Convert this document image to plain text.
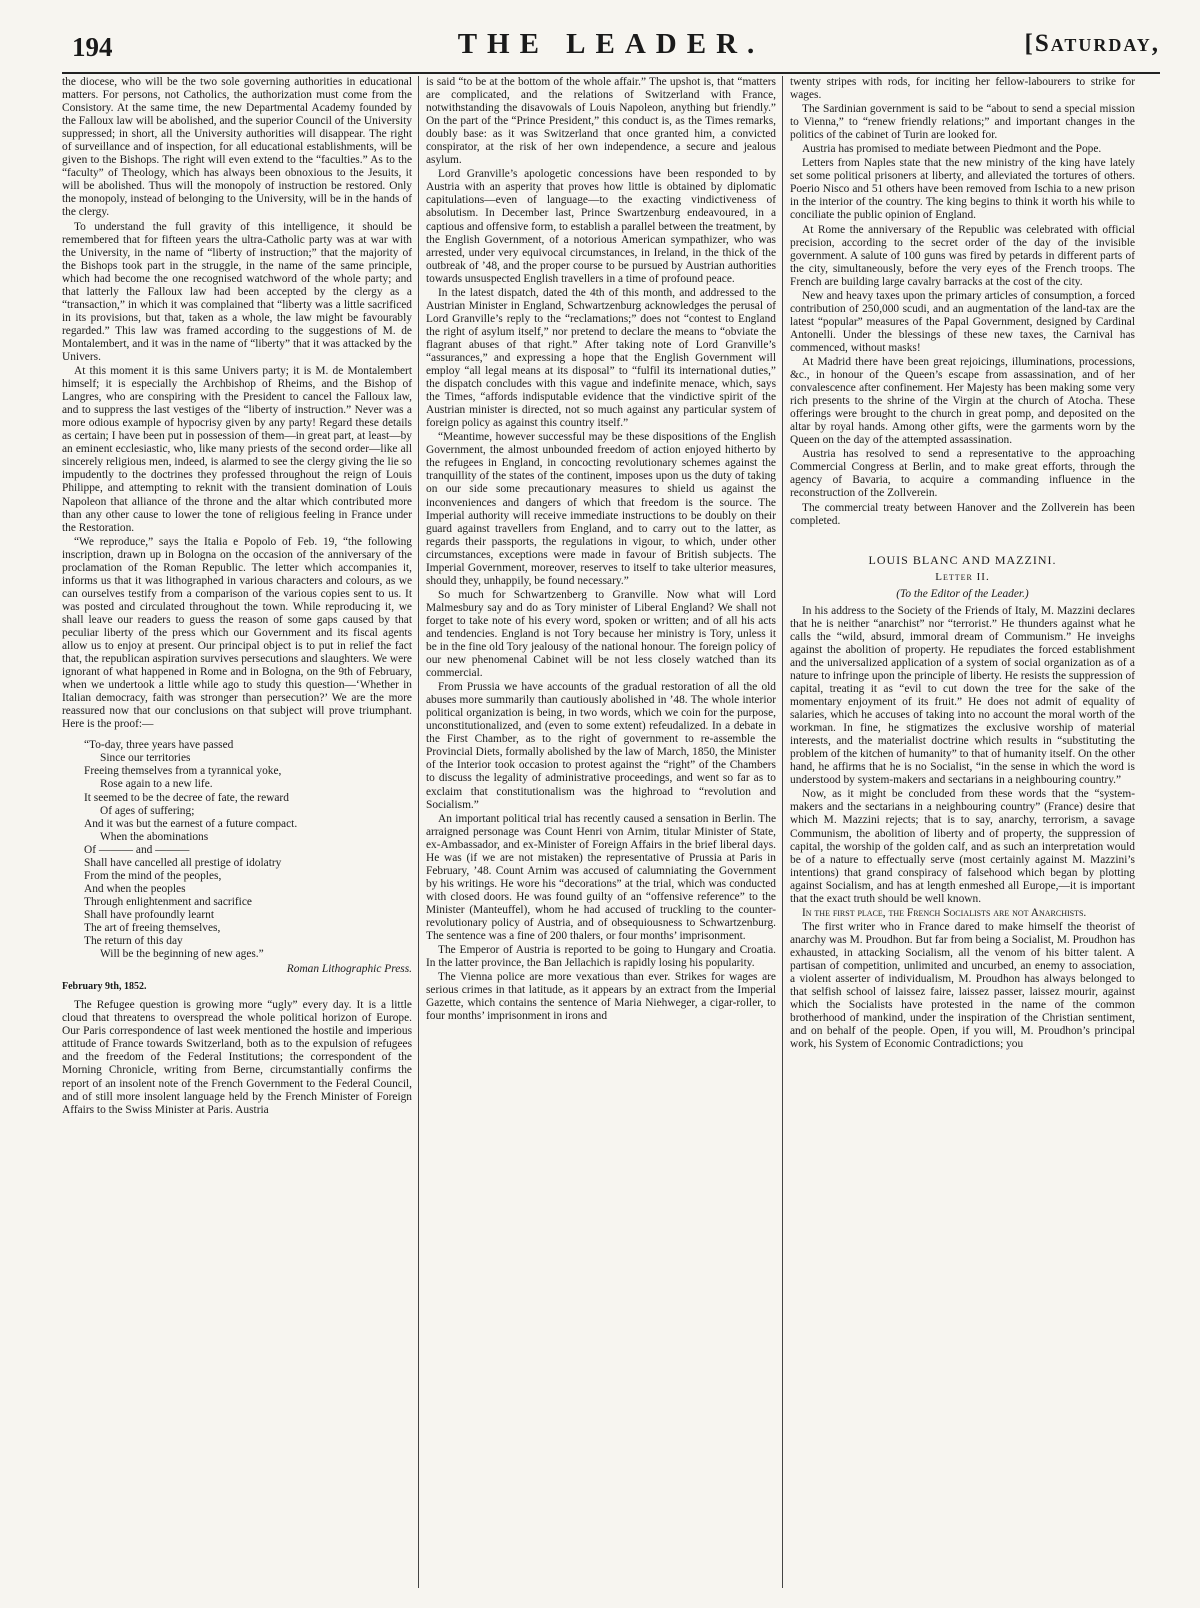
194	THE LEADER.	[Saturday,

the diocese, who will be the two sole governing authorities in educational matters. For persons, not Catholics, the authorization must come from the Consistory. At the same time, the new Departmental Academy founded by the Falloux law will be abolished, and the superior Council of the University suppressed; in short, all the University authorities will disappear. The right of surveillance and of inspection, for all educational establishments, will be given to the Bishops. The right will even extend to the “faculties.” As to the “faculty” of Theology, which has always been obnoxious to the Jesuits, it will be abolished. Thus will the monopoly of instruction be restored. Only the monopoly, instead of belonging to the University, will be in the hands of the clergy.

To understand the full gravity of this intelligence, it should be remembered that for fifteen years the ultra-Catholic party was at war with the University, in the name of “liberty of instruction;” that the majority of the Bishops took part in the struggle, in the name of the same principle, which had become the one recognised watchword of the whole party; and that latterly the Falloux law had been accepted by the clergy as a “transaction,” in which it was complained that “liberty was a little sacrificed in its provisions, but that, taken as a whole, the law might be favourably regarded.” This law was framed according to the suggestions of M. de Montalembert, and it was in the name of “liberty” that it was attacked by the Univers.

At this moment it is this same Univers party; it is M. de Montalembert himself; it is especially the Archbishop of Rheims, and the Bishop of Langres, who are conspiring with the President to cancel the Falloux law, and to suppress the last vestiges of the “liberty of instruction.” Never was a more odious example of hypocrisy given by any party! Regard these details as certain; I have been put in possession of them—in great part, at least—by an eminent ecclesiastic, who, like many priests of the second order—like all sincerely religious men, indeed, is alarmed to see the clergy giving the lie so impudently to the doctrines they professed throughout the reign of Louis Philippe, and attempting to reknit with the transient domination of Louis Napoleon that alliance of the throne and the altar which contributed more than any other cause to lower the tone of religious feeling in France under the Restoration.

“We reproduce,” says the Italia e Popolo of Feb. 19, “the following inscription, drawn up in Bologna on the occasion of the anniversary of the proclamation of the Roman Republic. The letter which accompanies it, informs us that it was lithographed in various characters and colours, as we can ourselves testify from a comparison of the various copies sent to us. It was posted and circulated throughout the town. While reproducing it, we shall leave our readers to guess the reason of some gaps caused by that peculiar liberty of the press which our Government and its fiscal agents allow us to enjoy at present. Our principal object is to put in relief the fact that, the republican aspiration survives persecutions and slaughters. We were ignorant of what happened in Rome and in Bologna, on the 9th of February, when we undertook a little while ago to study this question—‘Whether in Italian democracy, faith was stronger than persecution?’ We are the more reassured now that our conclusions on that subject will prove triumphant. Here is the proof:—

“To-day, three years have passed
Since our territories
Freeing themselves from a tyrannical yoke,
Rose again to a new life.
It seemed to be the decree of fate, the reward
Of ages of suffering;
And it was but the earnest of a future compact.
When the abominations
Of ——— and ———
Shall have cancelled all prestige of idolatry
From the mind of the peoples,
And when the peoples
Through enlightenment and sacrifice
Shall have profoundly learnt
The art of freeing themselves,
The return of this day
Will be the beginning of new ages.”
Roman Lithographic Press.
February 9th, 1852.

The Refugee question is growing more “ugly” every day. It is a little cloud that threatens to overspread the whole political horizon of Europe. Our Paris correspondence of last week mentioned the hostile and imperious attitude of France towards Switzerland, both as to the expulsion of refugees and the freedom of the Federal Institutions; the correspondent of the Morning Chronicle, writing from Berne, circumstantially confirms the report of an insolent note of the French Government to the Federal Council, and of still more insolent language held by the French Minister of Foreign Affairs to the Swiss Minister at Paris. Austria

is said “to be at the bottom of the whole affair.” The upshot is, that “matters are complicated, and the relations of Switzerland with France, notwithstanding the disavowals of Louis Napoleon, anything but friendly.” On the part of the “Prince President,” this conduct is, as the Times remarks, doubly base: as it was Switzerland that once granted him, a convicted conspirator, at the risk of her own independence, a secure and jealous asylum.

Lord Granville’s apologetic concessions have been responded to by Austria with an asperity that proves how little is obtained by diplomatic capitulations—even of language—to the exacting vindictiveness of absolutism. In December last, Prince Swartzenburg endeavoured, in a captious and offensive form, to establish a parallel between the treatment, by the English Government, of a notorious American sympathizer, who was arrested, under very equivocal circumstances, in Ireland, in the thick of the outbreak of ’48, and the proper course to be pursued by Austrian authorities towards unsuspected English travellers in a time of profound peace.

In the latest dispatch, dated the 4th of this month, and addressed to the Austrian Minister in England, Schwartzenburg acknowledges the perusal of Lord Granville’s reply to the “reclamations;” does not “contest to England the right of asylum itself,” nor pretend to declare the means to “obviate the flagrant abuses of that right.” After taking note of Lord Granville’s “assurances,” and expressing a hope that the English Government will employ “all legal means at its disposal” to “fulfil its international duties,” the dispatch concludes with this vague and indefinite menace, which, says the Times, “affords indisputable evidence that the vindictive spirit of the Austrian minister is directed, not so much against any particular system of foreign policy as against this country itself.”

“Meantime, however successful may be these dispositions of the English Government, the almost unbounded freedom of action enjoyed hitherto by the refugees in England, in concocting revolutionary schemes against the tranquillity of the states of the continent, imposes upon us the duty of taking on our side some precautionary measures to shield us against the inconveniences and dangers of which that freedom is the source. The Imperial authority will receive immediate instructions to be doubly on their guard against travellers from England, and to carry out to the latter, as regards their passports, the regulations in vigour, to which, under other circumstances, exceptions were made in favour of British subjects. The Imperial Government, moreover, reserves to itself to take ulterior measures, should they, unhappily, be found necessary.”

So much for Schwartzenberg to Granville. Now what will Lord Malmesbury say and do as Tory minister of Liberal England? We shall not forget to take note of his every word, spoken or written; and of all his acts and tendencies. England is not Tory because her ministry is Tory, unless it be in the fine old Tory jealousy of the national honour. The foreign policy of our new phenomenal Cabinet will be not less closely watched than its commercial.

From Prussia we have accounts of the gradual restoration of all the old abuses more summarily than cautiously abolished in ’48. The whole interior political organization is being, in two words, which we coin for the purpose, unconstitutionalized, and (even to some extent) refeudalized. In a debate in the First Chamber, as to the right of government to re-assemble the Provincial Diets, formally abolished by the law of March, 1850, the Minister of the Interior took occasion to protest against the “right” of the Chambers to discuss the legality of administrative proceedings, and went so far as to exclaim that constitutionalism was the highroad to “revolution and Socialism.”

An important political trial has recently caused a sensation in Berlin. The arraigned personage was Count Henri von Arnim, titular Minister of State, ex-Ambassador, and ex-Minister of Foreign Affairs in the brief liberal days. He was (if we are not mistaken) the representative of Prussia at Paris in February, ’48. Count Arnim was accused of calumniating the Government by his writings. He wore his “decorations” at the trial, which was conducted with closed doors. He was found guilty of an “offensive reference” to the Minister (Manteuffel), whom he had accused of truckling to the counter-revolutionary policy of Austria, and of obsequiousness to Schwartzenburg. The sentence was a fine of 200 thalers, or four months’ imprisonment.

The Emperor of Austria is reported to be going to Hungary and Croatia. In the latter province, the Ban Jellachich is rapidly losing his popularity.

The Vienna police are more vexatious than ever. Strikes for wages are serious crimes in that latitude, as it appears by an extract from the Imperial Gazette, which contains the sentence of Maria Niehweger, a cigar-roller, to four months’ imprisonment in irons and

twenty stripes with rods, for inciting her fellow-labourers to strike for wages.

The Sardinian government is said to be “about to send a special mission to Vienna,” to “renew friendly relations;” and important changes in the politics of the cabinet of Turin are looked for.

Austria has promised to mediate between Piedmont and the Pope.

Letters from Naples state that the new ministry of the king have lately set some political prisoners at liberty, and alleviated the tortures of others. Poerio Nisco and 51 others have been removed from Ischia to a new prison in the interior of the country. The king begins to think it worth his while to conciliate the public opinion of England.

At Rome the anniversary of the Republic was celebrated with official precision, according to the secret order of the day of the invisible government. A salute of 100 guns was fired by petards in different parts of the city, simultaneously, before the very eyes of the French troops. The French are building large cavalry barracks at the cost of the city.

New and heavy taxes upon the primary articles of consumption, a forced contribution of 250,000 scudi, and an augmentation of the land-tax are the latest “popular” measures of the Papal Government, designed by Cardinal Antonelli. Under the blessings of these new taxes, the Carnival has commenced, without masks!

At Madrid there have been great rejoicings, illuminations, processions, &c., in honour of the Queen’s escape from assassination, and of her convalescence after confinement. Her Majesty has been making some very rich presents to the shrine of the Virgin at the church of Atocha. These offerings were brought to the church in great pomp, and deposited on the altar by royal hands. Among other gifts, were the garments worn by the Queen on the day of the attempted assassination.

Austria has resolved to send a representative to the approaching Commercial Congress at Berlin, and to make great efforts, through the agency of Bavaria, to acquire a commanding influence in the reconstruction of the Zollverein.

The commercial treaty between Hanover and the Zollverein has been completed.

LOUIS BLANC AND MAZZINI.
Letter II.
(To the Editor of the Leader.)

In his address to the Society of the Friends of Italy, M. Mazzini declares that he is neither “anarchist” nor “terrorist.” He thunders against what he calls the “wild, absurd, immoral dream of Communism.” He inveighs against the abolition of property. He repudiates the forced establishment and the universalized application of a system of social organization as of a nature to infringe upon the principle of liberty. He resists the suppression of capital, treating it as “evil to cut down the tree for the sake of the momentary enjoyment of its fruit.” He does not admit of equality of salaries, which he accuses of taking into no account the moral worth of the workman. In fine, he stigmatizes the exclusive worship of material interests, and the materialist doctrine which results in “substituting the problem of the kitchen of humanity” to that of humanity itself. On the other hand, he affirms that he is no Socialist, “in the sense in which the word is understood by system-makers and sectarians in a neighbouring country.”

Now, as it might be concluded from these words that the “system-makers and the sectarians in a neighbouring country” (France) desire that which M. Mazzini rejects; that is to say, anarchy, terrorism, a savage Communism, the abolition of liberty and of property, the suppression of capital, the worship of the golden calf, and as such an interpretation would be of a nature to effectually serve (most certainly against M. Mazzini’s intentions) that grand conspiracy of falsehood which began by plotting against Socialism, and has at length enmeshed all Europe,—it is important that the exact truth should be well known.

In the first place, the French Socialists are not Anarchists.

The first writer who in France dared to make himself the theorist of anarchy was M. Proudhon. But far from being a Socialist, M. Proudhon has exhausted, in attacking Socialism, all the venom of his bitter talent. A partisan of competition, unlimited and uncurbed, an enemy to association, a violent asserter of individualism, M. Proudhon has always belonged to that selfish school of laissez faire, laissez passer, laissez mourir, against which the Socialists have protested in the name of the common brotherhood of mankind, under the inspiration of the Christian sentiment, and on behalf of the people. Open, if you will, M. Proudhon’s principal work, his System of Economic Contradictions; you
